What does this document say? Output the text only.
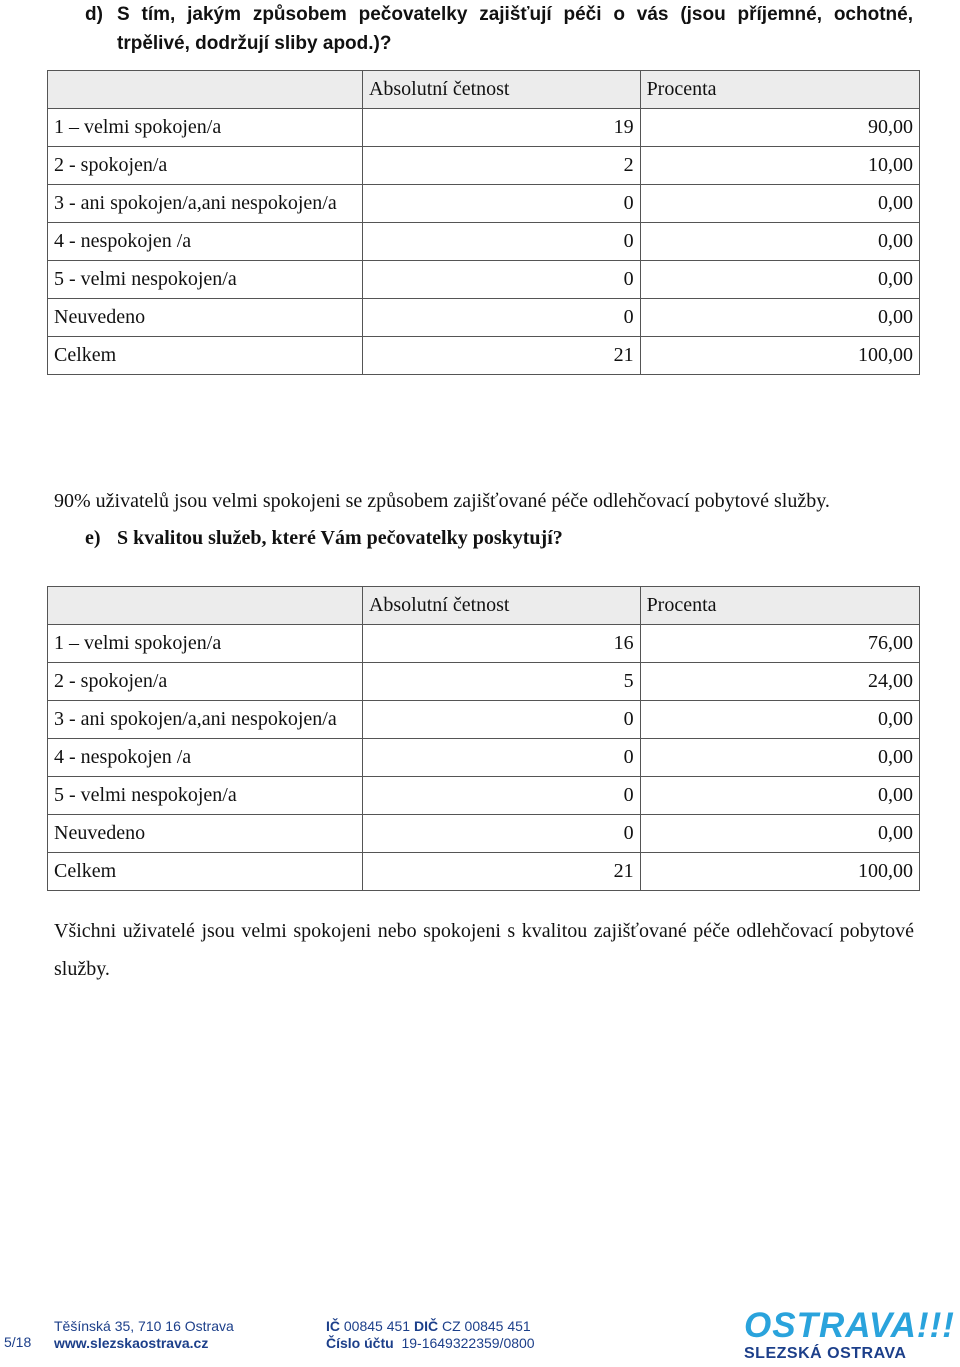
d) S tím, jakým způsobem pečovatelky zajišťují péči o vás (jsou příjemné, ochotné,
trpělivé, dodržují sliby apod.)?
	Absolutní četnost	Procenta
1 – velmi spokojen/a	19	90,00
2 - spokojen/a	2	10,00
3 - ani spokojen/a,ani nespokojen/a	0	0,00
4 - nespokojen /a	0	0,00
5 - velmi nespokojen/a	0	0,00
Neuvedeno	0	0,00
Celkem	21	100,00
90% uživatelů jsou velmi spokojeni se způsobem zajišťované péče odlehčovací pobytové služby.
e) S kvalitou služeb, které Vám pečovatelky poskytují?
	Absolutní četnost	Procenta
1 – velmi spokojen/a	16	76,00
2 - spokojen/a	5	24,00
3 - ani spokojen/a,ani nespokojen/a	0	0,00
4 - nespokojen /a	0	0,00
5 - velmi nespokojen/a	0	0,00
Neuvedeno	0	0,00
Celkem	21	100,00
Všichni uživatelé jsou velmi spokojeni nebo spokojeni s kvalitou zajišťované péče odlehčovací pobytové služby.
5/18
Těšínská 35, 710 16 Ostrava
www.slezskaostrava.cz
IČ 00845 451 DIČ CZ 00845 451
Číslo účtu 19-1649322359/0800	OSTRAVA!!!
SLEZSKÁ OSTRAVA
